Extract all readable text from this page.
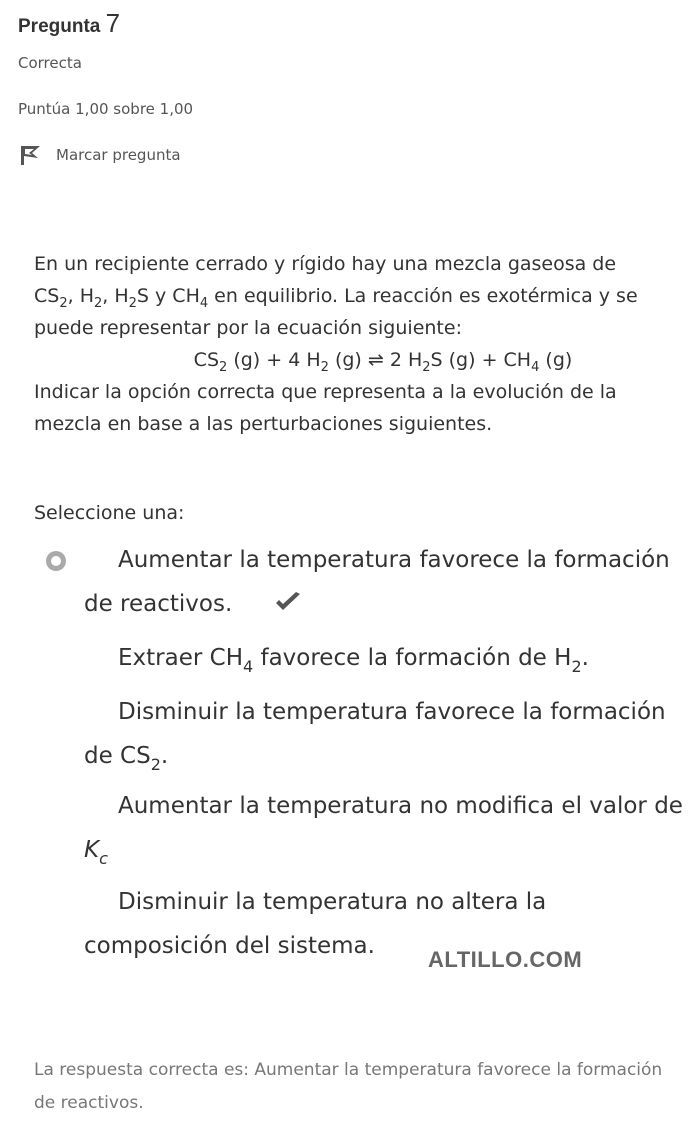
Pregunta 7
Correcta
Puntúa 1,00 sobre 1,00
Marcar pregunta

En un recipiente cerrado y rígido hay una mezcla gaseosa de

$CS_2$, $H_2$, $H_2S$ y $CH_4$ en equilibrio. La reacción es exotérmica y se

puede representar por la ecuación siguiente:

$CS_2$ (g) + 4 $H_2$ (g) ⇌ 2 $H_2S$ $(g) + CH_4$ (g)

Indicar la opción correcta que representa a la evolución de la mezcla en base a las perturbaciones siguientes.

Seleccione una:
Aumentar la temperatura favorece la formación de reactivos.
Extraer $CH_4$ favorece la formación de $H_2$.
Disminuir la temperatura favorece la formación de $CS_2$.
Aumentar la temperatura no modifica el valor de $K_c$
Disminuir la temperatura no altera la composición del sistema.
ALTILLO.COM
La respuesta correcta es: Aumentar la temperatura favorece la formación de reactivos.
